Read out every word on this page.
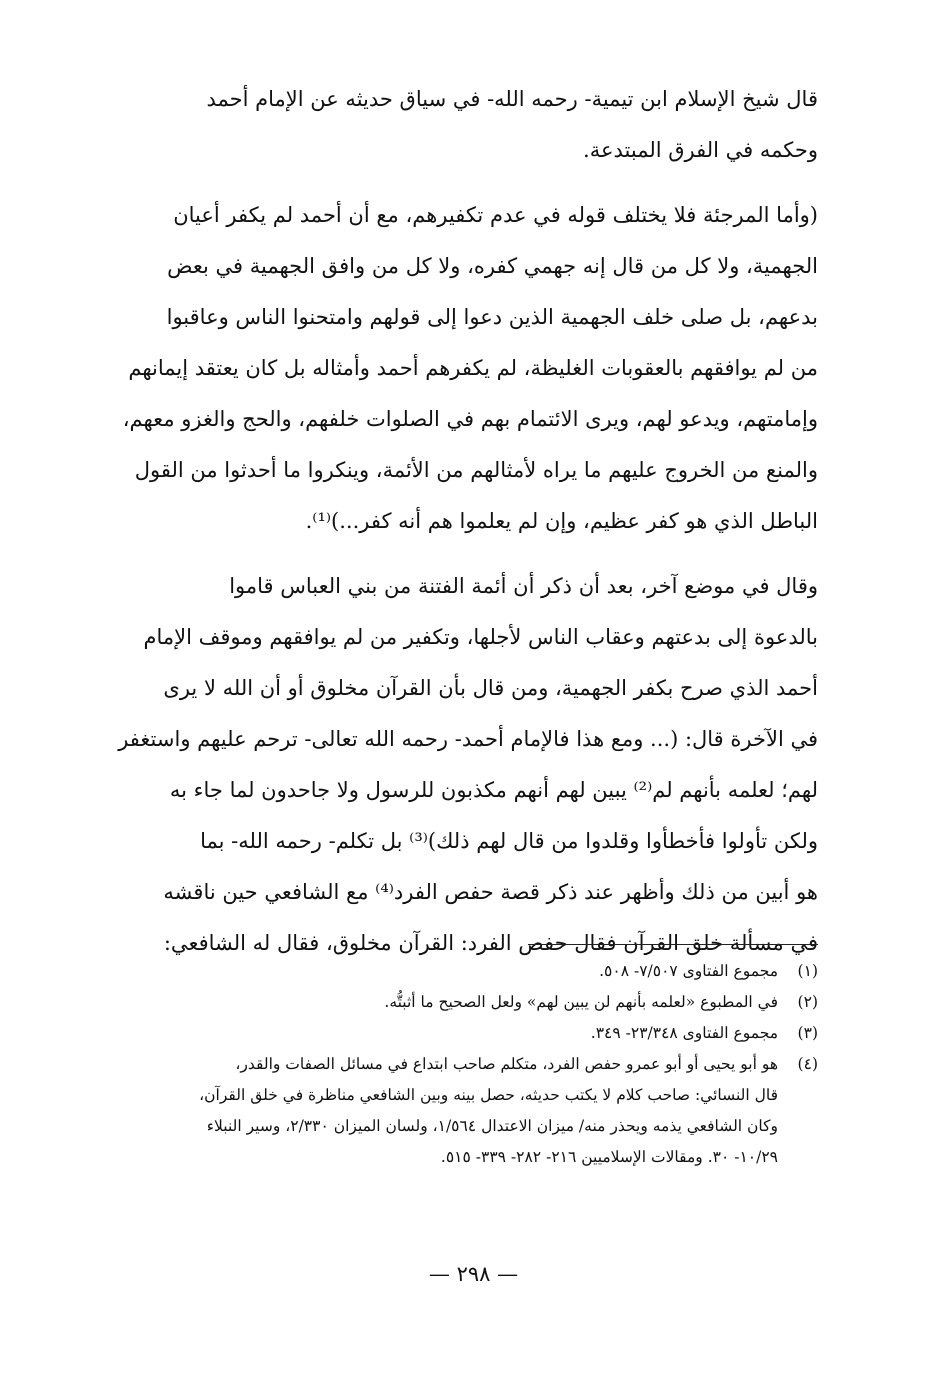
قال شيخ الإسلام ابن تيمية- رحمه الله- في سياق حديثه عن الإمام أحمد
وحكمه في الفرق المبتدعة.

(وأما المرجئة فلا يختلف قوله في عدم تكفيرهم، مع أن أحمد لم يكفر أعيان
الجهمية، ولا كل من قال إنه جهمي كفره، ولا كل من وافق الجهمية في بعض
بدعهم، بل صلى خلف الجهمية الذين دعوا إلى قولهم وامتحنوا الناس وعاقبوا
من لم يوافقهم بالعقوبات الغليظة، لم يكفرهم أحمد وأمثاله بل كان يعتقد إيمانهم
وإمامتهم، ويدعو لهم، ويرى الائتمام بهم في الصلوات خلفهم، والحج والغزو معهم،
والمنع من الخروج عليهم ما يراه لأمثالهم من الأئمة، وينكروا ما أحدثوا من القول
الباطل الذي هو كفر عظيم، وإن لم يعلموا هم أنه كفر...)⁽¹⁾.

وقال في موضع آخر، بعد أن ذكر أن أئمة الفتنة من بني العباس قاموا
بالدعوة إلى بدعتهم وعقاب الناس لأجلها، وتكفير من لم يوافقهم وموقف الإمام
أحمد الذي صرح بكفر الجهمية، ومن قال بأن القرآن مخلوق أو أن الله لا يرى
في الآخرة قال: (... ومع هذا فالإمام أحمد- رحمه الله تعالى- ترحم عليهم واستغفر
لهم؛ لعلمه بأنهم لم⁽²⁾ يبين لهم أنهم مكذبون للرسول ولا جاحدون لما جاء به
ولكن تأولوا فأخطأوا وقلدوا من قال لهم ذلك)⁽³⁾ بل تكلم- رحمه الله- بما
هو أبين من ذلك وأظهر عند ذكر قصة حفص الفرد⁽⁴⁾ مع الشافعي حين ناقشه
في مسألة خلق القرآن فقال حفص الفرد: القرآن مخلوق، فقال له الشافعي:

(١)
مجموع الفتاوى ٧/٥٠٧- ٥٠٨.
(٢)
في المطبوع «لعلمه بأنهم لن يبين لهم» ولعل الصحيح ما أثبتُّه.
(٣)
مجموع الفتاوى ٢٣/٣٤٨- ٣٤٩.
(٤)
هو أبو يحيى أو أبو عمرو حفص الفرد، متكلم صاحب ابتداع في مسائل الصفات والقدر،
قال النسائي: صاحب كلام لا يكتب حديثه، حصل بينه وبين الشافعي مناظرة في خلق القرآن،
وكان الشافعي يذمه ويحذر منه/ ميزان الاعتدال ١/٥٦٤، ولسان الميزان ٢/٣٣٠، وسير النبلاء
١٠/٢٩- ٣٠. ومقالات الإسلاميين ٢١٦- ٢٨٢- ٣٣٩- ٥١٥.
— ٢٩٨ —
